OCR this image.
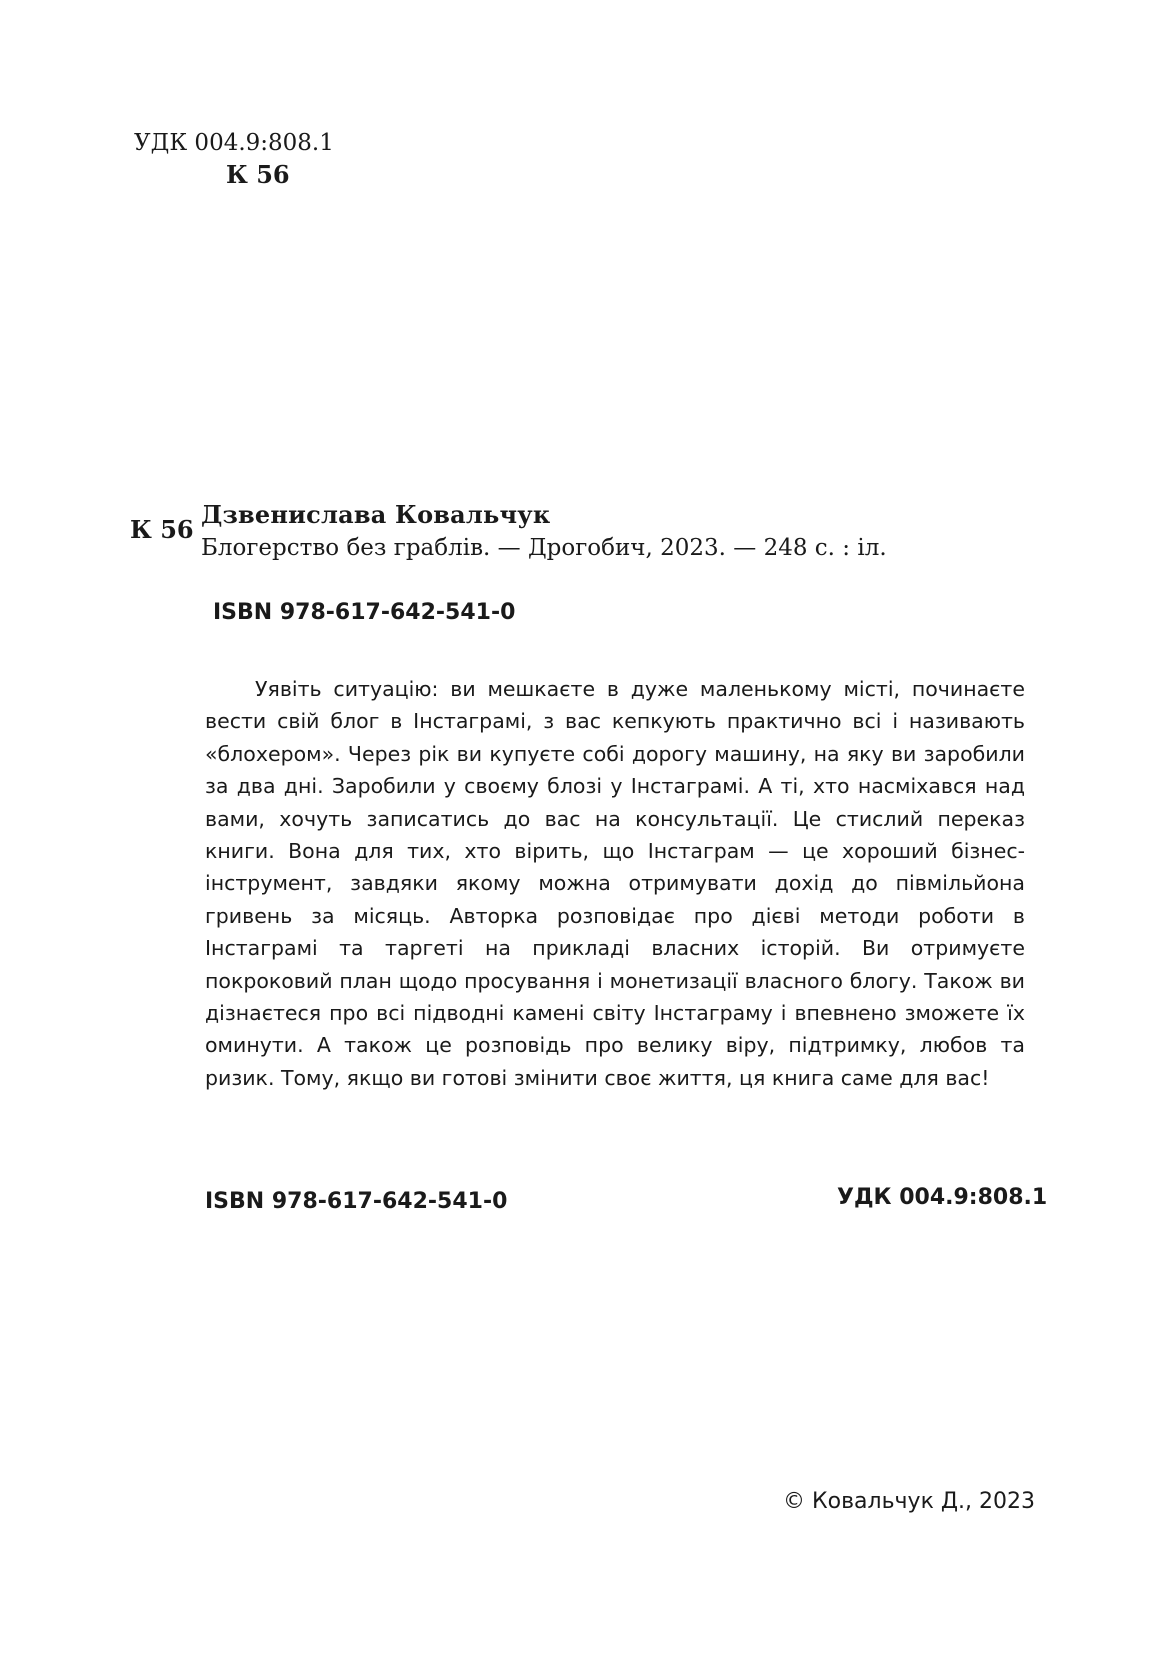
УДК 004.9:808.1
К 56
К 56
Дзвенислава Ковальчук
Блогерство без граблів. — Дрогобич, 2023. — 248 с. : іл.
ISBN 978-617-642-541-0

Уявіть ситуацію: ви мешкаєте в дуже маленькому місті, починаєте вести свій блог в Інстаграмі, з вас кепкують практично всі і називають «блохером». Через рік ви купуєте собі дорогу машину, на яку ви заробили за два дні. Заробили у своєму блозі у Інстаграмі. А ті, хто насміхався над вами, хочуть записатись до вас на консультації. Це стислий переказ книги. Вона для тих, хто вірить, що Інстаграм — це хороший бізнес-інструмент, завдяки якому можна отримувати дохід до півмільйона гривень за місяць. Авторка розповідає про дієві методи роботи в Інстаграмі та таргеті на прикладі власних історій. Ви отримуєте покроковий план щодо просування і монетизації власного блогу. Також ви дізнаєтеся про всі підводні камені світу Інстаграму і впевнено зможете їх оминути. А також це розповідь про велику віру, підтримку, любов та ризик. Тому, якщо ви готові змінити своє життя, ця книга саме для вас!

ISBN 978-617-642-541-0	УДК 004.9:808.1
© Ковальчук Д., 2023
